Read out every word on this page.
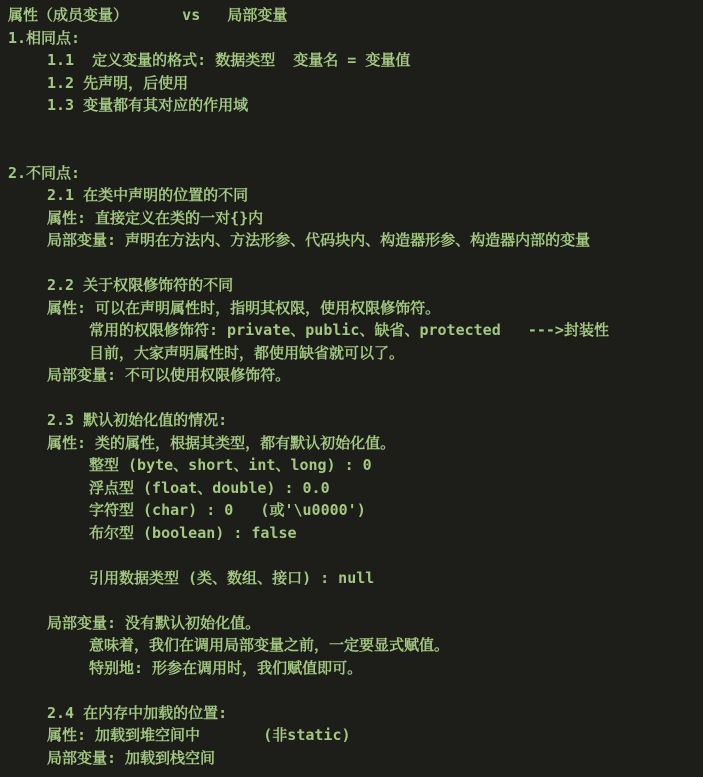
属性（成员变量）      vs   局部变量
1.相同点:
1.1  定义变量的格式: 数据类型  变量名 = 变量值
1.2 先声明，后使用
1.3 变量都有其对应的作用域
2.不同点:
2.1 在类中声明的位置的不同
属性: 直接定义在类的一对{}内
局部变量: 声明在方法内、方法形参、代码块内、构造器形参、构造器内部的变量
2.2 关于权限修饰符的不同
属性: 可以在声明属性时，指明其权限，使用权限修饰符。
常用的权限修饰符: private、public、缺省、protected   --->封装性
目前，大家声明属性时，都使用缺省就可以了。
局部变量: 不可以使用权限修饰符。
2.3 默认初始化值的情况:
属性: 类的属性，根据其类型，都有默认初始化值。
整型 (byte、short、int、long) : 0
浮点型 (float、double) : 0.0
字符型 (char) : 0   (或'\u0000')
布尔型 (boolean) : false
引用数据类型 (类、数组、接口) : null
局部变量: 没有默认初始化值。
意味着，我们在调用局部变量之前，一定要显式赋值。
特别地: 形参在调用时，我们赋值即可。
2.4 在内存中加载的位置:
属性: 加载到堆空间中       (非static)
局部变量: 加载到栈空间
